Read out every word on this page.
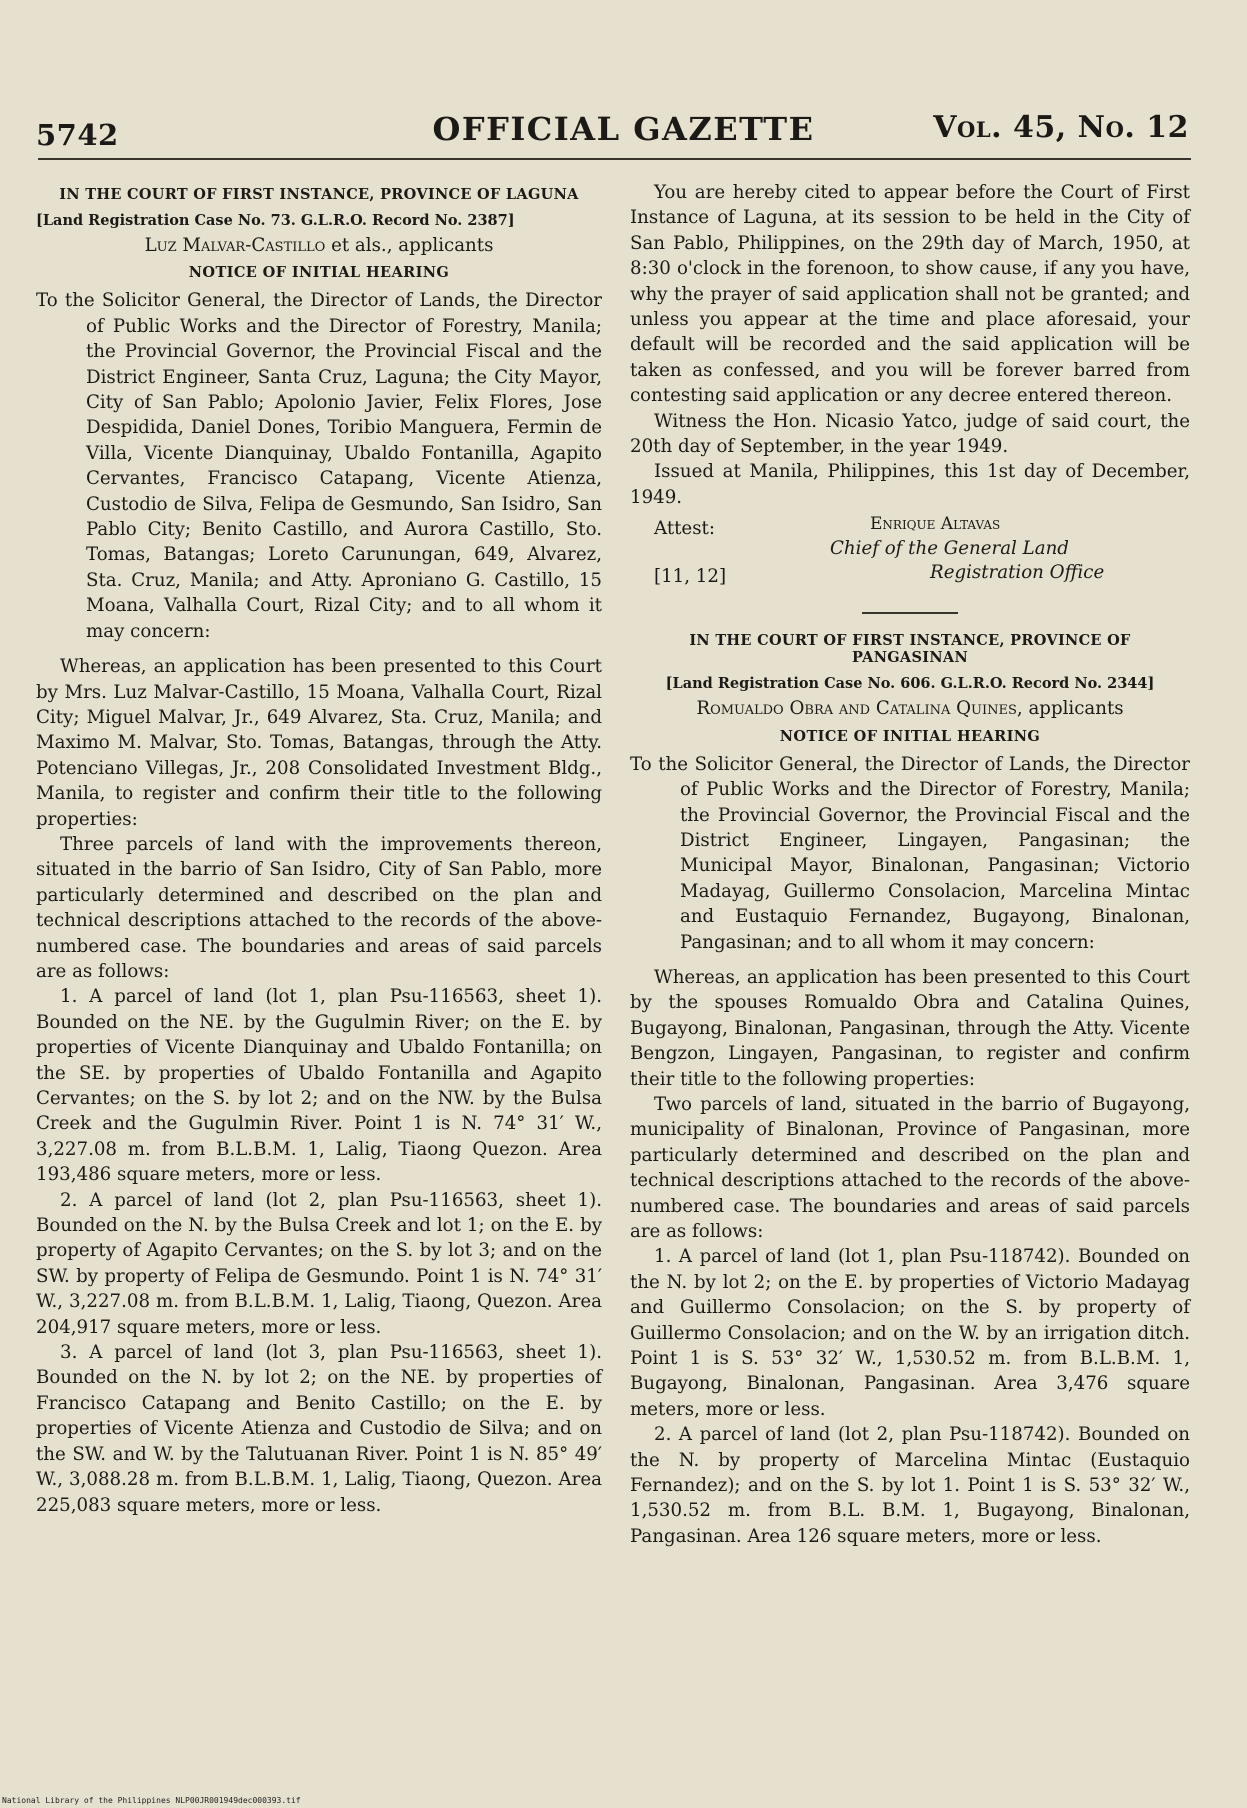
5742	OFFICIAL GAZETTE	Vol. 45, No. 12
IN THE COURT OF FIRST INSTANCE, PROVINCE OF LAGUNA
[Land Registration Case No. 73. G.L.R.O. Record No. 2387]
Luz Malvar-Castillo et als., applicants
NOTICE OF INITIAL HEARING
To the Solicitor General, the Director of Lands, the Director of Public Works and the Director of Forestry, Manila; the Provincial Governor, the Provincial Fiscal and the District Engineer, Santa Cruz, Laguna; the City Mayor, City of San Pablo; Apolonio Javier, Felix Flores, Jose Despidida, Daniel Dones, Toribio Manguera, Fermin de Villa, Vicente Dianquinay, Ubaldo Fontanilla, Agapito Cervantes, Francisco Catapang, Vicente Atienza, Custodio de Silva, Felipa de Gesmundo, San Isidro, San Pablo City; Benito Castillo, and Aurora Castillo, Sto. Tomas, Batangas; Loreto Carunungan, 649, Alvarez, Sta. Cruz, Manila; and Atty. Aproniano G. Castillo, 15 Moana, Valhalla Court, Rizal City; and to all whom it may concern:

Whereas, an application has been presented to this Court by Mrs. Luz Malvar-Castillo, 15 Moana, Valhalla Court, Rizal City; Miguel Malvar, Jr., 649 Alvarez, Sta. Cruz, Manila; and Maximo M. Malvar, Sto. Tomas, Batangas, through the Atty. Potenciano Villegas, Jr., 208 Consolidated Investment Bldg., Manila, to register and confirm their title to the following properties:

Three parcels of land with the improvements thereon, situated in the barrio of San Isidro, City of San Pablo, more particularly determined and described on the plan and technical descriptions attached to the records of the above-numbered case. The boundaries and areas of said parcels are as follows:

1. A parcel of land (lot 1, plan Psu-116563, sheet 1). Bounded on the NE. by the Gugulmin River; on the E. by properties of Vicente Dianquinay and Ubaldo Fontanilla; on the SE. by properties of Ubaldo Fontanilla and Agapito Cervantes; on the S. by lot 2; and on the NW. by the Bulsa Creek and the Gugulmin River. Point 1 is N. 74° 31′ W., 3,227.08 m. from B.L.B.M. 1, Lalig, Tiaong Quezon. Area 193,486 square meters, more or less.

2. A parcel of land (lot 2, plan Psu-116563, sheet 1). Bounded on the N. by the Bulsa Creek and lot 1; on the E. by property of Agapito Cervantes; on the S. by lot 3; and on the SW. by property of Felipa de Gesmundo. Point 1 is N. 74° 31′ W., 3,227.08 m. from B.L.B.M. 1, Lalig, Tiaong, Quezon. Area 204,917 square meters, more or less.

3. A parcel of land (lot 3, plan Psu-116563, sheet 1). Bounded on the N. by lot 2; on the NE. by properties of Francisco Catapang and Benito Castillo; on the E. by properties of Vicente Atienza and Custodio de Silva; and on the SW. and W. by the Talutuanan River. Point 1 is N. 85° 49′ W., 3,088.28 m. from B.L.B.M. 1, Lalig, Tiaong, Quezon. Area 225,083 square meters, more or less.

You are hereby cited to appear before the Court of First Instance of Laguna, at its session to be held in the City of San Pablo, Philippines, on the 29th day of March, 1950, at 8:30 o'clock in the forenoon, to show cause, if any you have, why the prayer of said application shall not be granted; and unless you appear at the time and place aforesaid, your default will be recorded and the said application will be taken as confessed, and you will be forever barred from contesting said application or any decree entered thereon.

Witness the Hon. Nicasio Yatco, judge of said court, the 20th day of September, in the year 1949.

Issued at Manila, Philippines, this 1st day of December, 1949.

Attest:	Enrique Altavas
Chief of the General Land
Registration Office
[11, 12]
IN THE COURT OF FIRST INSTANCE, PROVINCE OF PANGASINAN
[Land Registration Case No. 606. G.L.R.O. Record No. 2344]
Romualdo Obra and Catalina Quines, applicants
NOTICE OF INITIAL HEARING
To the Solicitor General, the Director of Lands, the Director of Public Works and the Director of Forestry, Manila; the Provincial Governor, the Provincial Fiscal and the District Engineer, Lingayen, Pangasinan; the Municipal Mayor, Binalonan, Pangasinan; Victorio Madayag, Guillermo Consolacion, Marcelina Mintac and Eustaquio Fernandez, Bugayong, Binalonan, Pangasinan; and to all whom it may concern:

Whereas, an application has been presented to this Court by the spouses Romualdo Obra and Catalina Quines, Bugayong, Binalonan, Pangasinan, through the Atty. Vicente Bengzon, Lingayen, Pangasinan, to register and confirm their title to the following properties:

Two parcels of land, situated in the barrio of Bugayong, municipality of Binalonan, Province of Pangasinan, more particularly determined and described on the plan and technical descriptions attached to the records of the above-numbered case. The boundaries and areas of said parcels are as follows:

1. A parcel of land (lot 1, plan Psu-118742). Bounded on the N. by lot 2; on the E. by properties of Victorio Madayag and Guillermo Consolacion; on the S. by property of Guillermo Consolacion; and on the W. by an irrigation ditch. Point 1 is S. 53° 32′ W., 1,530.52 m. from B.L.B.M. 1, Bugayong, Binalonan, Pangasinan. Area 3,476 square meters, more or less.

2. A parcel of land (lot 2, plan Psu-118742). Bounded on the N. by property of Marcelina Mintac (Eustaquio Fernandez); and on the S. by lot 1. Point 1 is S. 53° 32′ W., 1,530.52 m. from B.L. B.M. 1, Bugayong, Binalonan, Pangasinan. Area 126 square meters, more or less.

National Library of the Philippines NLP00JR001949dec000393.tif
